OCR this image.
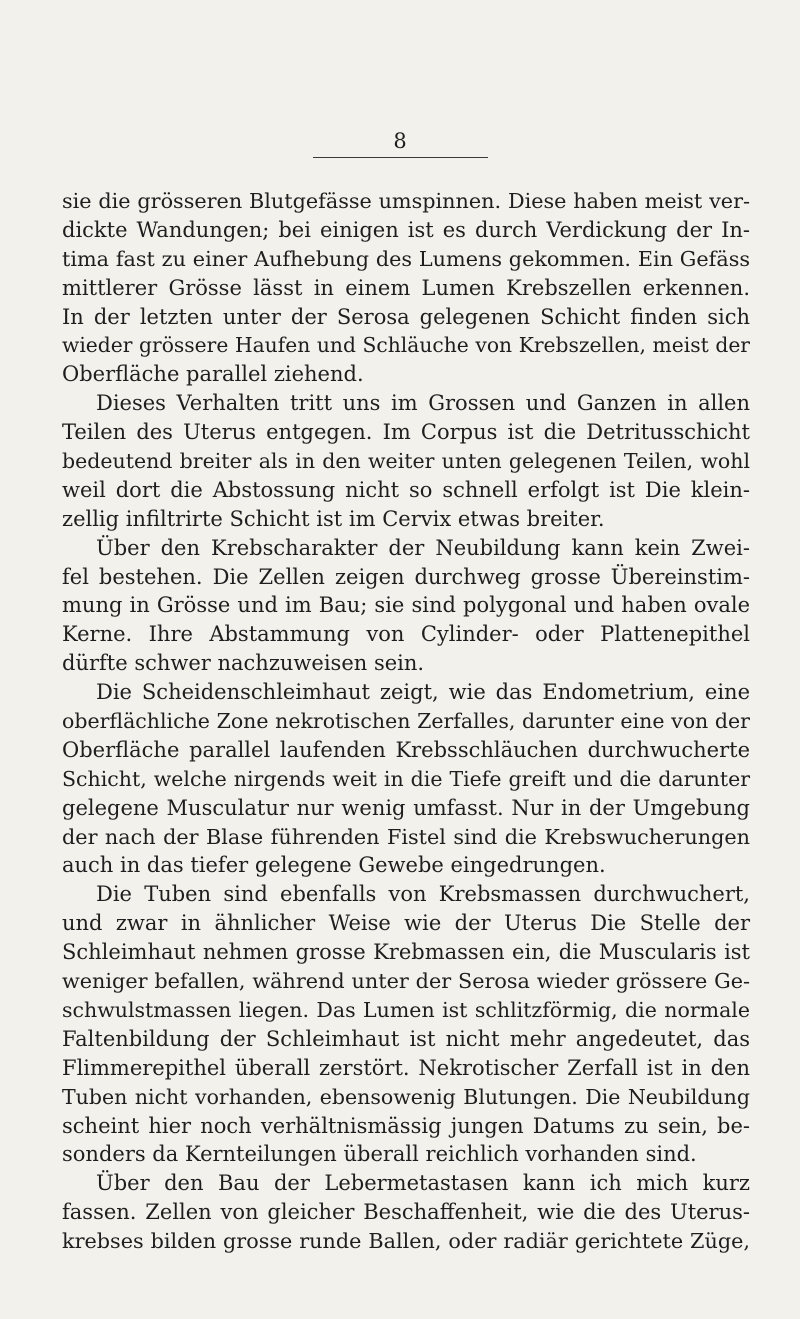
8
sie die grösseren Blutgefässe umspinnen. Diese haben meist ver-
dickte Wandungen; bei einigen ist es durch Verdickung der In-
tima fast zu einer Aufhebung des Lumens gekommen. Ein Gefäss
mittlerer Grösse lässt in einem Lumen Krebszellen erkennen.
In der letzten unter der Serosa gelegenen Schicht finden sich
wieder grössere Haufen und Schläuche von Krebszellen, meist der
Oberfläche parallel ziehend.
Dieses Verhalten tritt uns im Grossen und Ganzen in allen
Teilen des Uterus entgegen. Im Corpus ist die Detritusschicht
bedeutend breiter als in den weiter unten gelegenen Teilen, wohl
weil dort die Abstossung nicht so schnell erfolgt ist Die klein-
zellig infiltrirte Schicht ist im Cervix etwas breiter.
Über den Krebscharakter der Neubildung kann kein Zwei-
fel bestehen. Die Zellen zeigen durchweg grosse Übereinstim-
mung in Grösse und im Bau; sie sind polygonal und haben ovale
Kerne. Ihre Abstammung von Cylinder- oder Plattenepithel
dürfte schwer nachzuweisen sein.
Die Scheidenschleimhaut zeigt, wie das Endometrium, eine
oberflächliche Zone nekrotischen Zerfalles, darunter eine von der
Oberfläche parallel laufenden Krebsschläuchen durchwucherte
Schicht, welche nirgends weit in die Tiefe greift und die darunter
gelegene Musculatur nur wenig umfasst. Nur in der Umgebung
der nach der Blase führenden Fistel sind die Krebswucherungen
auch in das tiefer gelegene Gewebe eingedrungen.
Die Tuben sind ebenfalls von Krebsmassen durchwuchert,
und zwar in ähnlicher Weise wie der Uterus Die Stelle der
Schleimhaut nehmen grosse Krebmassen ein, die Muscularis ist
weniger befallen, während unter der Serosa wieder grössere Ge-
schwulstmassen liegen. Das Lumen ist schlitzförmig, die normale
Faltenbildung der Schleimhaut ist nicht mehr angedeutet, das
Flimmerepithel überall zerstört. Nekrotischer Zerfall ist in den
Tuben nicht vorhanden, ebensowenig Blutungen. Die Neubildung
scheint hier noch verhältnismässig jungen Datums zu sein, be-
sonders da Kernteilungen überall reichlich vorhanden sind.
Über den Bau der Lebermetastasen kann ich mich kurz
fassen. Zellen von gleicher Beschaffenheit, wie die des Uterus-
krebses bilden grosse runde Ballen, oder radiär gerichtete Züge,
